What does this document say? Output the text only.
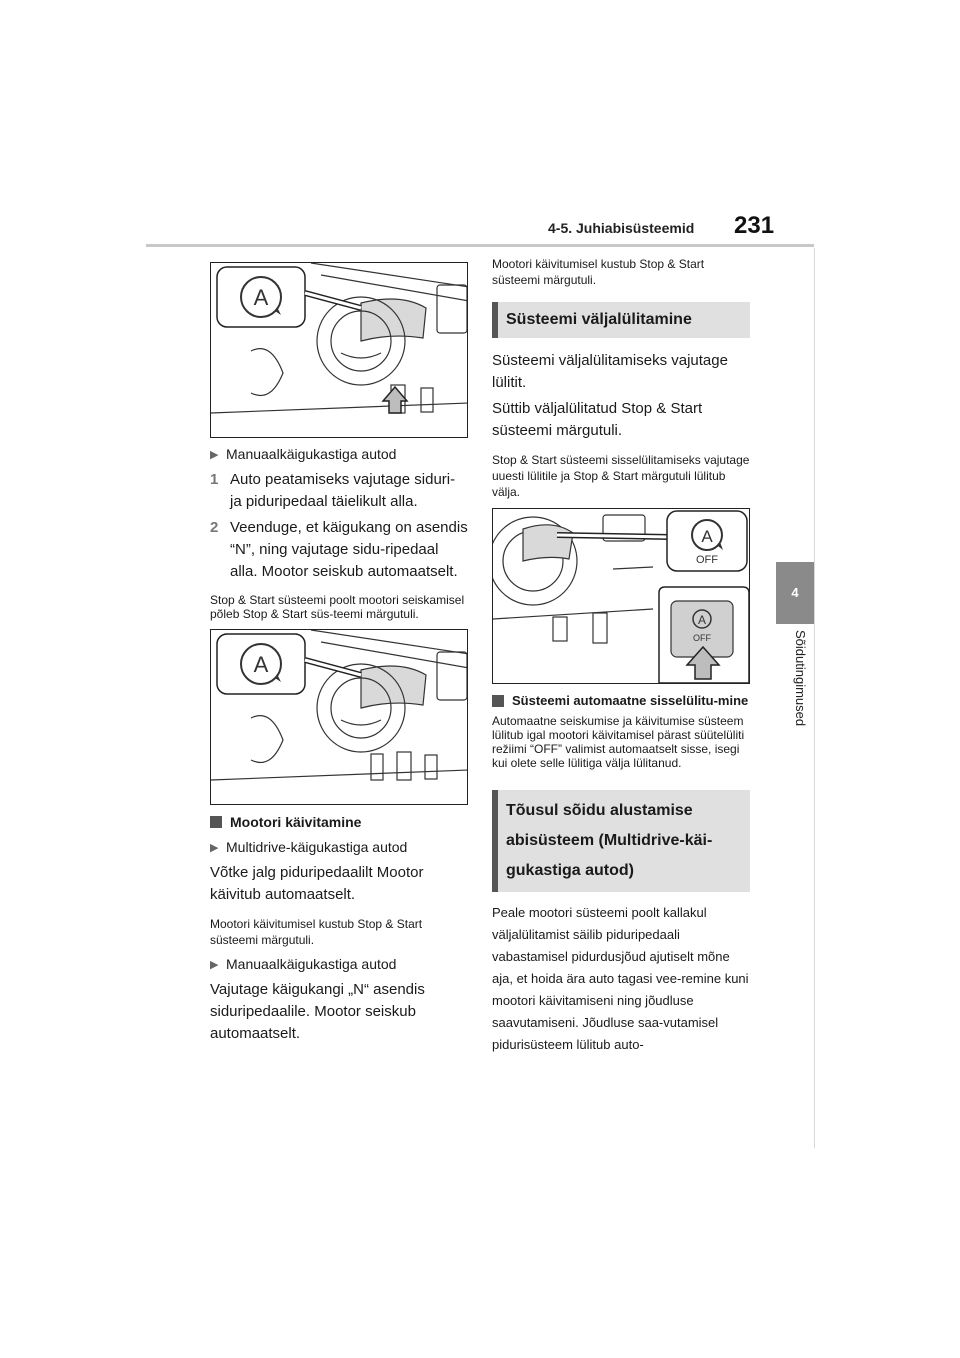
4-5. Juhiabisüsteemid 231
4
Sõidutingimused
A
▶ Manuaalkäigukastiga autod
1 Auto peatamiseks vajutage siduri- ja piduripedaal täielikult alla.
2 Veenduge, et käigukang on asendis “N”, ning vajutage sidu-ripedaal alla. Mootor seiskub automaatselt.
Stop & Start süsteemi poolt mootori seiskamisel põleb Stop & Start süs-teemi märgutuli.
A
Mootori käivitamine
▶ Multidrive-käigukastiga autod
Võtke jalg piduripedaalilt Mootor käivitub automaatselt.
Mootori käivitumisel kustub Stop & Start süsteemi märgutuli.
▶ Manuaalkäigukastiga autod
Vajutage käigukangi „N“ asendis siduripedaalile. Mootor seiskub automaatselt.
Mootori käivitumisel kustub Stop & Start süsteemi märgutuli.
Süsteemi väljalülitamine
Süsteemi väljalülitamiseks vajutage lülitit.
Süttib väljalülitatud Stop & Start süsteemi märgutuli.
Stop & Start süsteemi sisselülitamiseks vajutage uuesti lülitile ja Stop & Start märgutuli lülitub välja.
A
OFF
A
OFF
Süsteemi automaatne sisselülitu-mine
Automaatne seiskumise ja käivitumise süsteem lülitub igal mootori käivitamisel pärast süütelüliti režiimi “OFF” valimist automaatselt sisse, isegi kui olete selle lülitiga välja lülitanud.
Tõusul sõidu alustamise abisüsteem (Multidrive-käi-gukastiga autod)
Peale mootori süsteemi poolt kallakul väljalülitamist säilib piduripedaali vabastamisel pidurdusjõud ajutiselt mõne aja, et hoida ära auto tagasi vee-remine kuni mootori käivitamiseni ning jõudluse saavutamiseni. Jõudluse saa-vutamisel pidurisüsteem lülitub auto-
